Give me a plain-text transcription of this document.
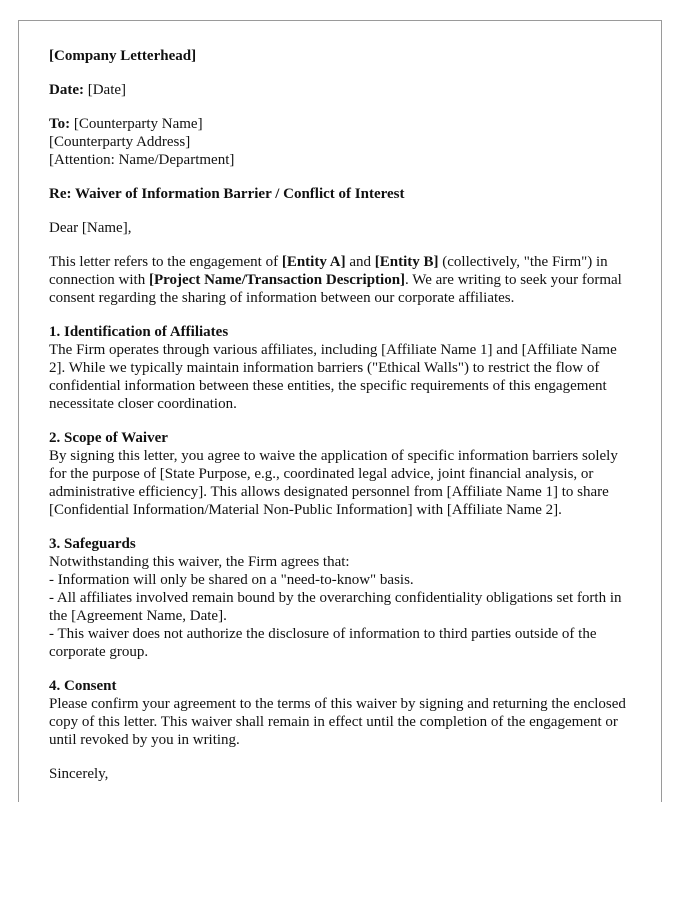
[Company Letterhead]

Date: [Date]

To: [Counterparty Name]
[Counterparty Address]
[Attention: Name/Department]

Re: Waiver of Information Barrier / Conflict of Interest

Dear [Name],

This letter refers to the engagement of [Entity A] and [Entity B] (collectively, "the Firm") in connection with [Project Name/Transaction Description]. We are writing to seek your formal consent regarding the sharing of information between our corporate affiliates.

1. Identification of Affiliates
The Firm operates through various affiliates, including [Affiliate Name 1] and [Affiliate Name 2]. While we typically maintain information barriers ("Ethical Walls") to restrict the flow of confidential information between these entities, the specific requirements of this engagement necessitate closer coordination.

2. Scope of Waiver
By signing this letter, you agree to waive the application of specific information barriers solely for the purpose of [State Purpose, e.g., coordinated legal advice, joint financial analysis, or administrative efficiency]. This allows designated personnel from [Affiliate Name 1] to share [Confidential Information/Material Non-Public Information] with [Affiliate Name 2].

3. Safeguards
Notwithstanding this waiver, the Firm agrees that:
- Information will only be shared on a "need-to-know" basis.
- All affiliates involved remain bound by the overarching confidentiality obligations set forth in the [Agreement Name, Date].
- This waiver does not authorize the disclosure of information to third parties outside of the corporate group.

4. Consent
Please confirm your agreement to the terms of this waiver by signing and returning the enclosed copy of this letter. This waiver shall remain in effect until the completion of the engagement or until revoked by you in writing.

Sincerely,
